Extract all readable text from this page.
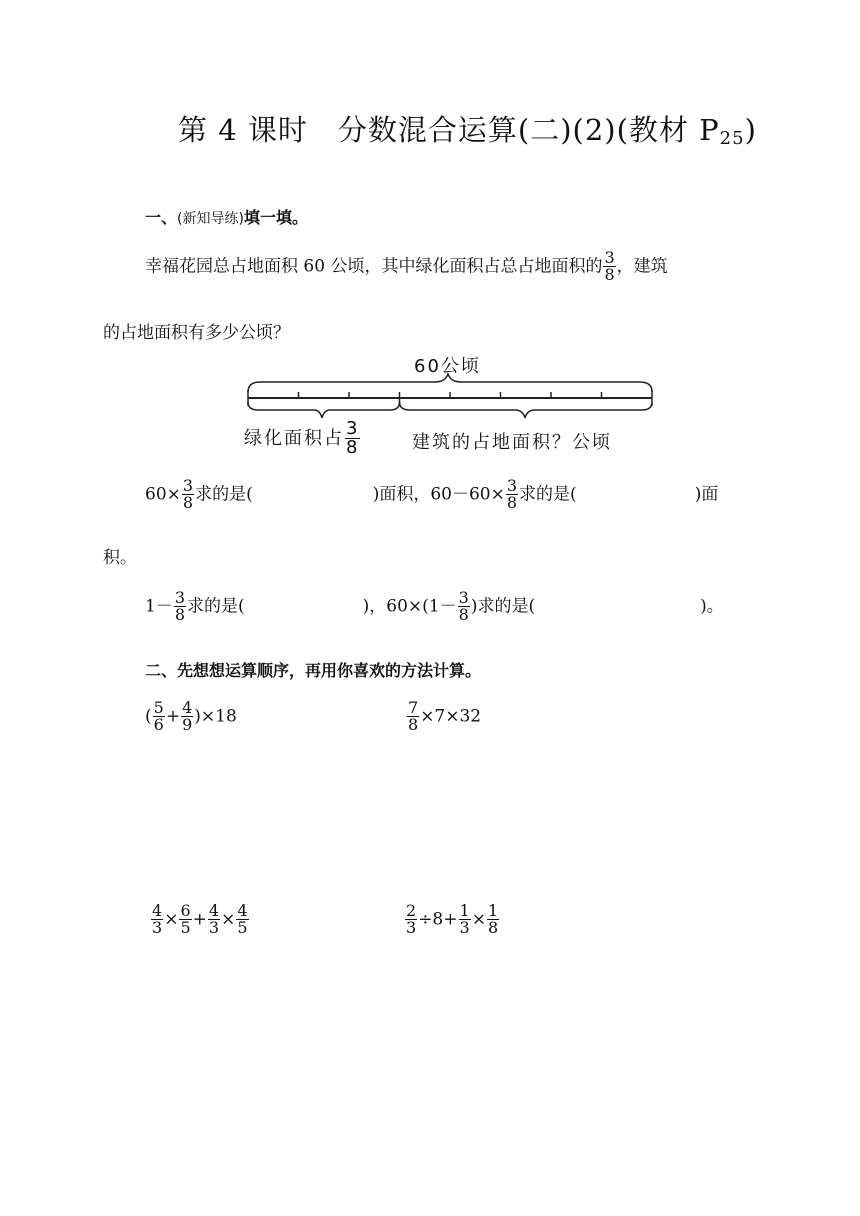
第 4 课时 分数混合运算(二)(2)(教材 $P_{25}$)
一、(新知导练)填一填。
幸福花园总占地面积 60 公顷，其中绿化面积占总占地面积的 $\frac{3}{8}$ ，建筑
的占地面积有多少公顷？
60公顷
绿化面积占 $\frac{3}{8}$	建筑的占地面积？公顷
$60\times \frac{3}{8}$ 求的是(	)面积，$60-60\times \frac{3}{8}$ 求的是(	)面
积。
$1- \frac{3}{8}$ 求的是(	)，$60\times(1- \frac{3}{8}$ )求的是(	)。
二、先想想运算顺序，再用你喜欢的方法计算。
( $\frac{5}{6} + \frac{4}{9} )\times 18$	$\frac{7}{8} \times 7\times 32$
$\frac{4}{3} \times \frac{6}{5} + \frac{4}{3} \times \frac{4}{5}$	$\frac{2}{3} \div 8+ \frac{1}{3} \times \frac{1}{8}$
